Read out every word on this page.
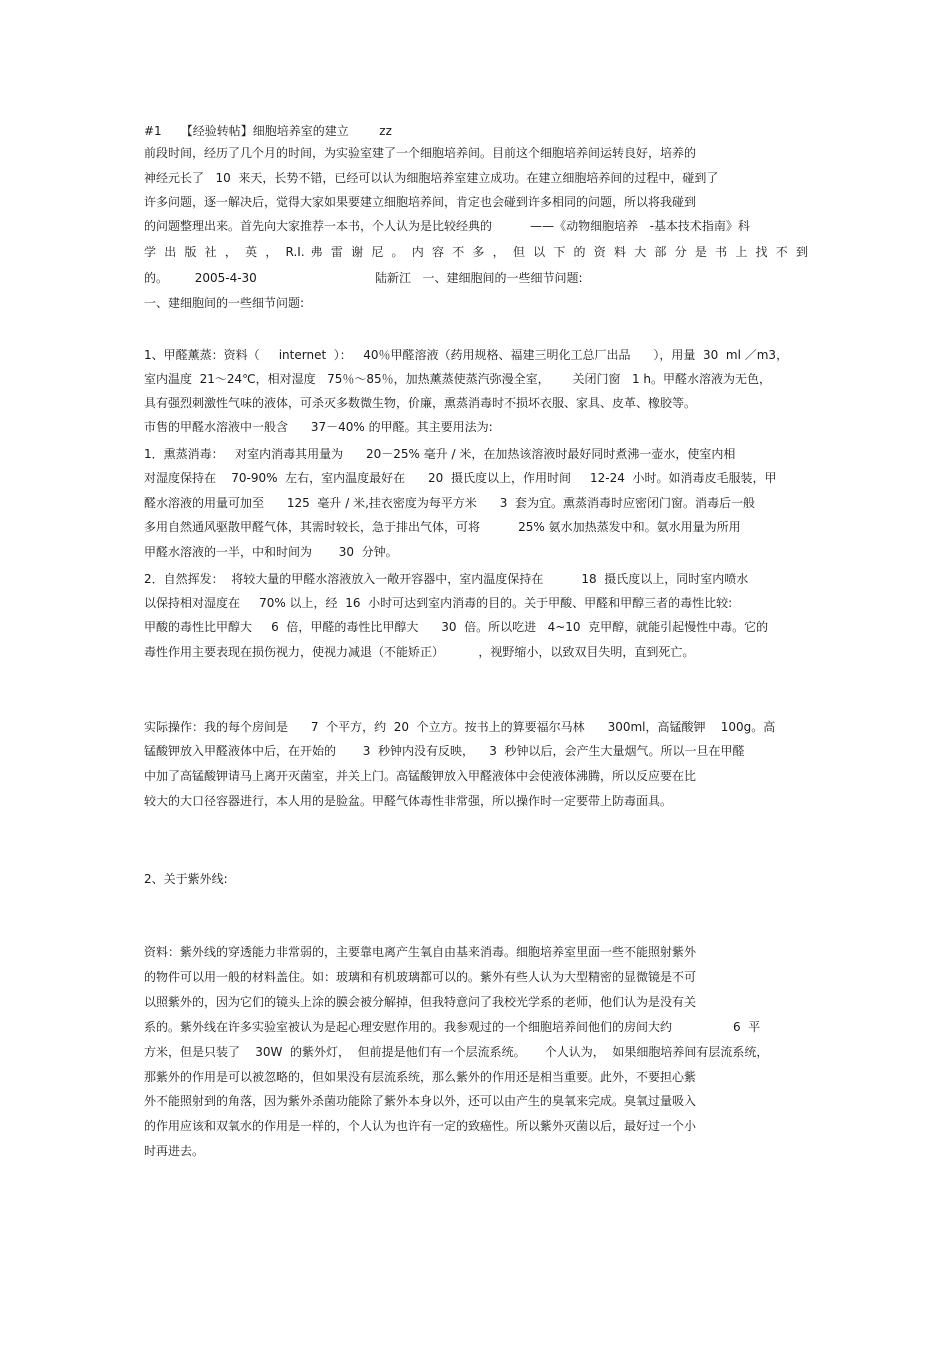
#1     【经验转帖】细胞培养室的建立        zz
前段时间，经历了几个月的时间，为实验室建了一个细胞培养间。目前这个细胞培养间运转良好，培养的
神经元长了   10  来天，长势不错，已经可以认为细胞培养室建立成功。在建立细胞培养间的过程中，碰到了
许多问题，逐一解决后，觉得大家如果要建立细胞培养间，肯定也会碰到许多相同的问题，所以将我碰到
的问题整理出来。首先向大家推荐一本书，个人认为是比较经典的          ——《动物细胞培养   -基本技术指南》科
学 出 版 社 ， 英 ， R.I. 弗 雷 谢 尼 。 内 容 不 多 ， 但 以 下 的 资 料 大 部 分 是 书 上 找 不 到
的。       2005-4-30                               陆新江   一、建细胞间的一些细节问题:
一、建细胞间的一些细节问题:
1、甲醛薰蒸：资料（     internet  ）：   40％甲醛溶液（药用规格、福建三明化工总厂出品      ），用量  30  ml ／m3，
室内温度  21～24℃，相对湿度   75％～85％，加热薰蒸使蒸汽弥漫全室，      关闭门窗   1 h。甲醛水溶液为无色，
具有强烈刺激性气味的液体，可杀灭多数微生物，价廉，熏蒸消毒时不损坏衣服、家具、皮革、橡胶等。
市售的甲醛水溶液中一般含      37－40% 的甲醛。其主要用法为:
1．熏蒸消毒：   对室内消毒其用量为      20－25% 毫升 / 米，在加热该溶液时最好同时煮沸一壶水，使室内相
对湿度保持在    70-90%  左右，室内温度最好在      20  摄氏度以上，作用时间     12-24  小时。如消毒皮毛服装，甲
醛水溶液的用量可加至      125  毫升 / 米,挂衣密度为每平方米      3  套为宜。熏蒸消毒时应密闭门窗。消毒后一般
多用自然通风驱散甲醛气体，其需时较长，急于排出气体，可将          25% 氨水加热蒸发中和。氨水用量为所用
甲醛水溶液的一半，中和时间为       30  分钟。
2．自然挥发：  将较大量的甲醛水溶液放入一敞开容器中，室内温度保持在          18  摄氏度以上，同时室内喷水
以保持相对湿度在     70% 以上，经  16  小时可达到室内消毒的目的。关于甲酸、甲醛和甲醇三者的毒性比较:
甲酸的毒性比甲醇大     6  倍，甲醛的毒性比甲醇大      30  倍。所以吃进   4~10  克甲醇，就能引起慢性中毒。它的
毒性作用主要表现在损伤视力，使视力减退（不能矫正）         ，视野缩小，以致双目失明，直到死亡。
实际操作：我的每个房间是      7  个平方，约  20  个立方。按书上的算要福尔马林      300ml，高锰酸钾    100g。高
锰酸钾放入甲醛液体中后，在开始的       3  秒钟内没有反映，    3  秒钟以后，会产生大量烟气。所以一旦在甲醛
中加了高锰酸钾请马上离开灭菌室，并关上门。高锰酸钾放入甲醛液体中会使液体沸腾，所以反应要在比
较大的大口径容器进行，本人用的是脸盆。甲醛气体毒性非常强，所以操作时一定要带上防毒面具。
2、关于紫外线:
资料：紫外线的穿透能力非常弱的，主要靠电离产生氧自由基来消毒。细胞培养室里面一些不能照射紫外
的物件可以用一般的材料盖住。如：玻璃和有机玻璃都可以的。紫外有些人认为大型精密的显微镜是不可
以照紫外的，因为它们的镜头上涂的膜会被分解掉，但我特意问了我校光学系的老师，他们认为是没有关
系的。紫外线在许多实验室被认为是起心理安慰作用的。我参观过的一个细胞培养间他们的房间大约                6  平
方米，但是只装了    30W  的紫外灯，  但前提是他们有一个层流系统。     个人认为，  如果细胞培养间有层流系统，
那紫外的作用是可以被忽略的，但如果没有层流系统，那么紫外的作用还是相当重要。此外，不要担心紫
外不能照射到的角落，因为紫外杀菌功能除了紫外本身以外，还可以由产生的臭氧来完成。臭氧过量吸入
的作用应该和双氧水的作用是一样的，个人认为也许有一定的致癌性。所以紫外灭菌以后，最好过一个小
时再进去。
